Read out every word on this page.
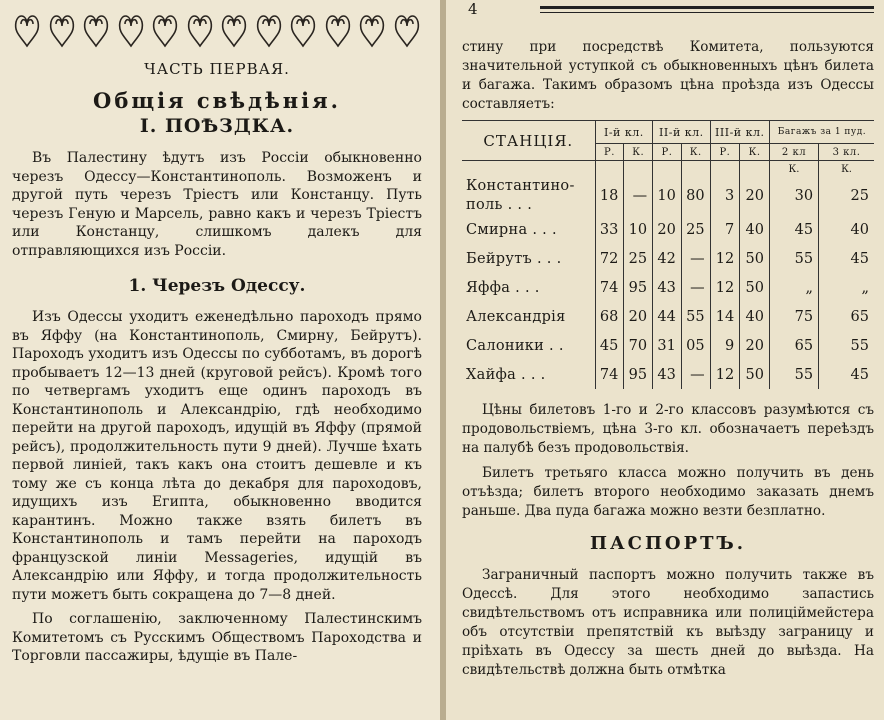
ЧАСТЬ ПЕРВАЯ.
Общія свѣдѣнія.
I. ПОѢЗДКА.

Въ Палестину ѣдутъ изъ Россіи обыкновенно черезъ Одессу—Константинополь. Возможенъ и другой путь черезъ Тріестъ или Констанцу. Путь черезъ Геную и Марсель, равно какъ и черезъ Тріестъ или Констанцу, слишкомъ далекъ для отправляющихся изъ Россіи.

1. Черезъ Одессу.

Изъ Одессы уходитъ еженедѣльно пароходъ прямо въ Яффу (на Константинополь, Смирну, Бейрутъ). Пароходъ уходитъ изъ Одессы по субботамъ, въ дорогѣ пробываетъ 12—13 дней (круговой рейсъ). Кромѣ того по четвергамъ уходитъ еще одинъ пароходъ въ Константинополь и Александрію, гдѣ необходимо перейти на другой пароходъ, идущій въ Яффу (прямой рейсъ), продолжительность пути 9 дней). Лучше ѣхать первой линіей, такъ какъ она стоитъ дешевле и къ тому же съ конца лѣта до декабря для пароходовъ, идущихъ изъ Египта, обыкновенно вводится карантинъ. Можно также взять билетъ въ Константинополь и тамъ перейти на пароходъ французской линіи Messageries, идущій въ Александрію или Яффу, и тогда продолжительность пути можетъ быть сокращена до 7—8 дней.

По соглашенію, заключенному Палестинскимъ Комитетомъ съ Русскимъ Обществомъ Пароходства и Торговли пассажиры, ѣдущіе въ Пале-

4

стину при посредствѣ Комитета, пользуются значительной уступкой съ обыкновенныхъ цѣнъ билета и багажа. Такимъ образомъ цѣна проѣзда изъ Одессы составляетъ:

СТАНЦІЯ.	I-й кл.		II-й кл.		III-й кл.		Багажъ за 1 пуд.	
	Р.	К.	Р.	К.	Р.	К.	2 кл	3 кл.
							К.	К.
Константино-
поль . . .	18	—	10	80	3	20	30	25
Смирна . . .	33	10	20	25	7	40	45	40
Бейрутъ . . .	72	25	42	—	12	50	55	45
Яффа . . .	74	95	43	—	12	50	„	„
Александрія	68	20	44	55	14	40	75	65
Салоники . .	45	70	31	05	9	20	65	55
Хайфа . . .	74	95	43	—	12	50	55	45

Цѣны билетовъ 1-го и 2-го классовъ разумѣются съ продовольствіемъ, цѣна 3-го кл. обозначаетъ переѣздъ на палубѣ безъ продовольствія.

Билетъ третьяго класса можно получить въ день отъѣзда; билетъ второго необходимо заказать днемъ раньше. Два пуда багажа можно везти безплатно.

ПАСПОРТЪ.

Заграничный паспортъ можно получить также въ Одессѣ. Для этого необходимо запастись свидѣтельствомъ отъ исправника или полиціймейстера объ отсутствіи препятствій къ выѣзду заграницу и пріѣхать въ Одессу за шесть дней до выѣзда. На свидѣтельствѣ должна быть отмѣтка
